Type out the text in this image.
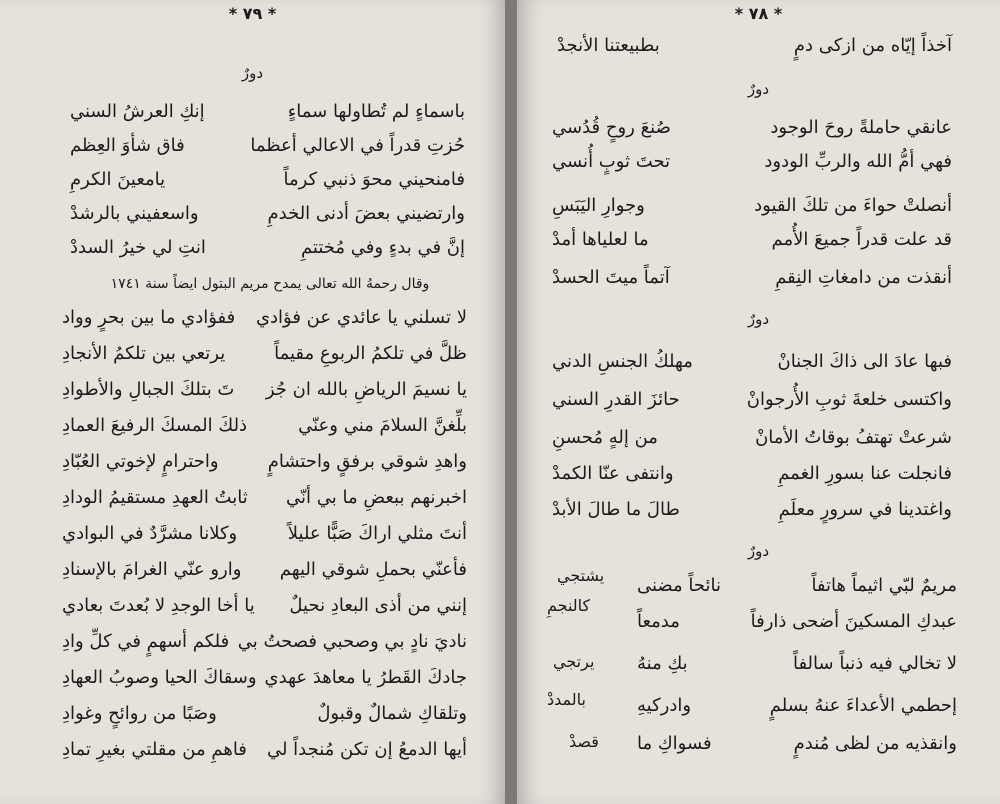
* ٧٩ *
دورٌ
باسماءٍ لم تُطاولها سماءٍ
إنكِ العرشُ السني
حُزتِ قدراً في الاعالي أعظما
فاق شأوَ العِظم
فامنحيني محوَ ذنبي كرماً
يامعينَ الكرمِ
وارتضيني بعضَ أدنى الخدمِ
واسعفيني بالرشدْ
إنَّ في بدءٍ وفي مُختتمِ
انتِ لي خيرُ السددْ
وقال رحمهُ الله تعالى يمدح مريم البتول ايضاً سنة ١٧٤١
لا تسلني يا عائدي عن فؤادي
ففؤادي ما بين بحرٍ وواد
ظلَّ في تلكمُ الربوعِ مقيماً
يرتعي بين تلكمُ الأنجادِ
يا نسيمَ الرياضِ بالله ان جُز
تَ بتلكَ الجبالِ والأطوادِ
بلِّغنَّ السلامَ مني وعنّي
ذلكَ المسكَ الرفيعَ العمادِ
واهدِ شوقي برفقٍ واحتشامٍ
واحترامٍ لإخوتي العُبّادِ
اخبرنهم ببعضِ ما بي أنّي
ثابتُ العهدِ مستقيمُ الودادِ
أنتَ مثلي اراكَ صَبًّا عليلاً
وكلانا مشرَّدٌ في البوادي
فأعنّي بحملِ شوقي اليهم
وارو عنّي الغرامَ بالإسنادِ
إنني من أذى البعادِ نحيلٌ
يا أخا الوجدِ لا بُعدتَ بعادي
ناديَ نادٍ بي وصحبي فصحتُ بي
فلكم أسهمٍ في كلِّ وادِ
جادكَ القَطرُ يا معاهدَ عهدي
وسقاكَ الحيا وصوبُ العهادِ
وتلقاكِ شمالٌ وقبولٌ
وصَبًا من روائحٍ وغوادِ
أيها الدمعُ إن تكن مُنجداً لي
فاهمِ من مقلتي بغيرِ تمادِ
* ٧٨ *
آخذاً إيّاه من ازكى دمٍ
بطبيعتنا الأنجدْ
دورٌ
عانقي حاملةً روحَ الوجود
صُنعَ روحٍ قُدُسي
فهي أمُّ الله والربِّ الودود
تحتَ ثوبٍ أُنسي
أنصلتْ حواءَ من تلكَ القيود
وجوارِ اليَبَسِ
قد علت قدراً جميعَ الأُمم
ما لعلياها أمدْ
أنقذت من دامغاتِ النِقمِ
آتماً ميتَ الحسدْ
دورٌ
فبها عادَ الى ذاكَ الجنانْ
مهلكُ الجنسِ الدني
واكتسى خلعةَ ثوبِ الأُرجوانْ
حائزَ القدرِ السني
شرعتْ تهتفُ بوقاتُ الأمانْ
من إلهٍ مُحسنِ
فانجلت عنا بسورِ الغممِ
وانتفى عنّا الكمدْ
واغتدينا في سرورٍ معلَمِ
طالَ ما طالَ الأبدْ
دورٌ
مريمٌ لبّي اثيماً هاتفاً
نائحاً مضنى
عبدكِ المسكينَ أضحى ذارفاً
مدمعاً
لا تخالي فيه ذنباً سالفاً
بكِ منهُ
إحطمي الأعداءَ عنهُ بسلمٍ
وادركيهِ
وانقذيه من لظى مُندمٍ
فسواكِ ما
يشتجي
كالنجمِ
يرتجي
بالمددْ
قصدْ
